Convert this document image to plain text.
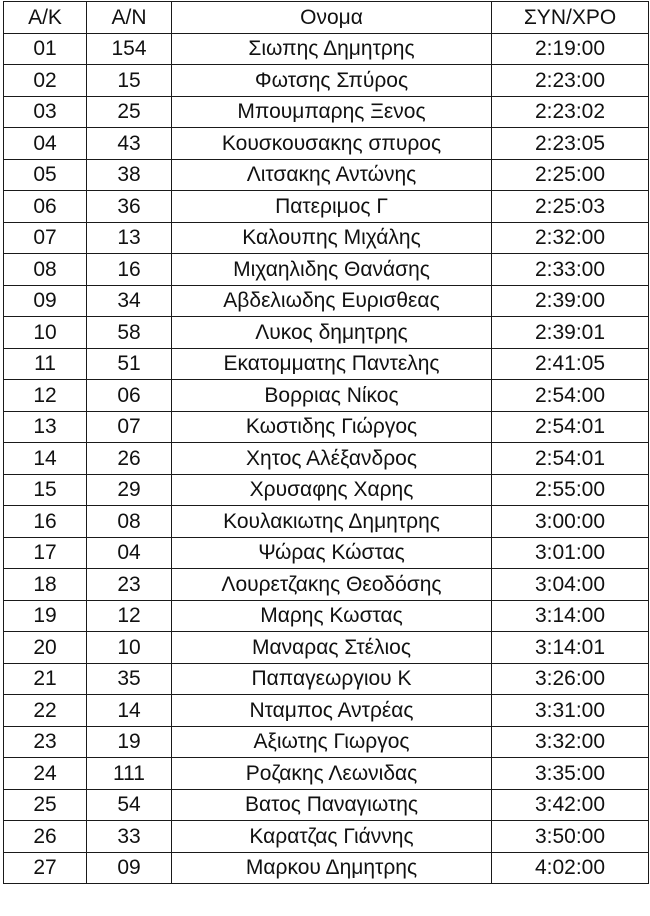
Α/Κ	Α/Ν	Ονομα	ΣΥΝ/ΧΡΟ
01	154	Σιωπης Δημητρης	2:19:00
02	15	Φωτσης Σπύρος	2:23:00
03	25	Μπουμπαρης Ξενος	2:23:02
04	43	Κουσκουσακης σπυρος	2:23:05
05	38	Λιτσακης Αντώνης	2:25:00
06	36	Πατεριμος Γ	2:25:03
07	13	Καλουπης Μιχάλης	2:32:00
08	16	Μιχαηλιδης Θανάσης	2:33:00
09	34	Αβδελιωδης Ευρισθεας	2:39:00
10	58	Λυκος δημητρης	2:39:01
11	51	Εκατομματης Παντελης	2:41:05
12	06	Βορριας Νίκος	2:54:00
13	07	Κωστιδης Γιώργος	2:54:01
14	26	Χητος Αλέξανδρος	2:54:01
15	29	Χρυσαφης Χαρης	2:55:00
16	08	Κουλακιωτης Δημητρης	3:00:00
17	04	Ψώρας Κώστας	3:01:00
18	23	Λουρετζακης Θεοδόσης	3:04:00
19	12	Μαρης Κωστας	3:14:00
20	10	Μαναρας Στέλιος	3:14:01
21	35	Παπαγεωργιου Κ	3:26:00
22	14	Νταμπος Αντρέας	3:31:00
23	19	Αξιωτης Γιωργος	3:32:00
24	111	Ροζακης Λεωνιδας	3:35:00
25	54	Βατος Παναγιωτης	3:42:00
26	33	Καρατζας Γιάννης	3:50:00
27	09	Μαρκου Δημητρης	4:02:00
